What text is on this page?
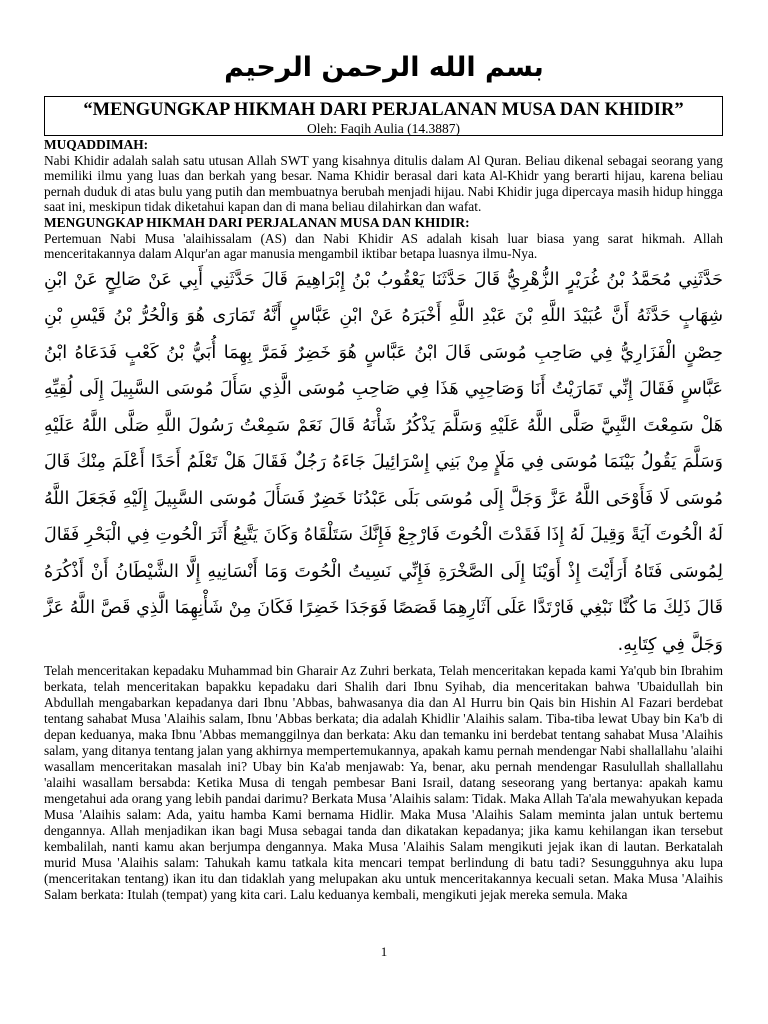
بسم الله الرحمن الرحيم
“MENGUNGKAP HIKMAH DARI PERJALANAN MUSA DAN KHIDIR”
Oleh: Faqih Aulia (14.3887)

MUQADDIMAH:

Nabi Khidir adalah salah satu utusan Allah SWT yang kisahnya ditulis dalam Al Quran. Beliau dikenal sebagai seorang yang memiliki ilmu yang luas dan berkah yang besar. Nama Khidir berasal dari kata Al-Khidr yang berarti hijau, karena beliau pernah duduk di atas bulu yang putih dan membuatnya berubah menjadi hijau. Nabi Khidir juga dipercaya masih hidup hingga saat ini, meskipun tidak diketahui kapan dan di mana beliau dilahirkan dan wafat.

MENGUNGKAP HIKMAH DARI PERJALANAN MUSA DAN KHIDIR:

Pertemuan Nabi Musa 'alaihissalam (AS) dan Nabi Khidir AS adalah kisah luar biasa yang sarat hikmah. Allah menceritakannya dalam Alqur'an agar manusia mengambil iktibar betapa luasnya ilmu-Nya.

حَدَّثَنِي مُحَمَّدُ بْنُ غُرَيْرٍ الزُّهْرِيُّ قَالَ حَدَّثَنَا يَعْقُوبُ بْنُ إِبْرَاهِيمَ قَالَ حَدَّثَنِي أَبِي عَنْ صَالِحٍ عَنْ ابْنِ شِهَابٍ حَدَّثَهُ أَنَّ عُبَيْدَ اللَّهِ بْنَ عَبْدِ اللَّهِ أَخْبَرَهُ عَنْ ابْنِ عَبَّاسٍ أَنَّهُ تَمَارَى هُوَ وَالْحُرُّ بْنُ قَيْسِ بْنِ حِصْنٍ الْفَزَارِيُّ فِي صَاحِبِ مُوسَى قَالَ ابْنُ عَبَّاسٍ هُوَ خَضِرٌ فَمَرَّ بِهِمَا أُبَيُّ بْنُ كَعْبٍ فَدَعَاهُ ابْنُ عَبَّاسٍ فَقَالَ إِنِّي تَمَارَيْتُ أَنَا وَصَاحِبِي هَذَا فِي صَاحِبِ مُوسَى الَّذِي سَأَلَ مُوسَى السَّبِيلَ إِلَى لُقِيِّهِ هَلْ سَمِعْتَ النَّبِيَّ صَلَّى اللَّهُ عَلَيْهِ وَسَلَّمَ يَذْكُرُ شَأْنَهُ قَالَ نَعَمْ سَمِعْتُ رَسُولَ اللَّهِ صَلَّى اللَّهُ عَلَيْهِ وَسَلَّمَ يَقُولُ بَيْنَمَا مُوسَى فِي مَلَإٍ مِنْ بَنِي إِسْرَائِيلَ جَاءَهُ رَجُلٌ فَقَالَ هَلْ تَعْلَمُ أَحَدًا أَعْلَمَ مِنْكَ قَالَ مُوسَى لَا فَأَوْحَى اللَّهُ عَزَّ وَجَلَّ إِلَى مُوسَى بَلَى عَبْدُنَا خَضِرٌ فَسَأَلَ مُوسَى السَّبِيلَ إِلَيْهِ فَجَعَلَ اللَّهُ لَهُ الْحُوتَ آيَةً وَقِيلَ لَهُ إِذَا فَقَدْتَ الْحُوتَ فَارْجِعْ فَإِنَّكَ سَتَلْقَاهُ وَكَانَ يَتَّبِعُ أَثَرَ الْحُوتِ فِي الْبَحْرِ فَقَالَ لِمُوسَى فَتَاهُ أَرَأَيْتَ إِذْ أَوَيْنَا إِلَى الصَّخْرَةِ فَإِنِّي نَسِيتُ الْحُوتَ وَمَا أَنْسَانِيهِ إِلَّا الشَّيْطَانُ أَنْ أَذْكُرَهُ قَالَ ذَلِكَ مَا كُنَّا نَبْغِي فَارْتَدَّا عَلَى آثَارِهِمَا قَصَصًا فَوَجَدَا خَضِرًا فَكَانَ مِنْ شَأْنِهِمَا الَّذِي قَصَّ اللَّهُ عَزَّ وَجَلَّ فِي كِتَابِهِ.

Telah menceritakan kepadaku Muhammad bin Gharair Az Zuhri berkata, Telah menceritakan kepada kami Ya'qub bin Ibrahim berkata, telah menceritakan bapakku kepadaku dari Shalih dari Ibnu Syihab, dia menceritakan bahwa 'Ubaidullah bin Abdullah mengabarkan kepadanya dari Ibnu 'Abbas, bahwasanya dia dan Al Hurru bin Qais bin Hishin Al Fazari berdebat tentang sahabat Musa 'Alaihis salam, Ibnu 'Abbas berkata; dia adalah Khidlir 'Alaihis salam. Tiba-tiba lewat Ubay bin Ka'b di depan keduanya, maka Ibnu 'Abbas memanggilnya dan berkata: Aku dan temanku ini berdebat tentang sahabat Musa 'Alaihis salam, yang ditanya tentang jalan yang akhirnya mempertemukannya, apakah kamu pernah mendengar Nabi shallallahu 'alaihi wasallam menceritakan masalah ini? Ubay bin Ka'ab menjawab: Ya, benar, aku pernah mendengar Rasulullah shallallahu 'alaihi wasallam bersabda: Ketika Musa di tengah pembesar Bani Israil, datang seseorang yang bertanya: apakah kamu mengetahui ada orang yang lebih pandai darimu? Berkata Musa 'Alaihis salam: Tidak. Maka Allah Ta'ala mewahyukan kepada Musa 'Alaihis salam: Ada, yaitu hamba Kami bernama Hidlir. Maka Musa 'Alaihis Salam meminta jalan untuk bertemu dengannya. Allah menjadikan ikan bagi Musa sebagai tanda dan dikatakan kepadanya; jika kamu kehilangan ikan tersebut kembalilah, nanti kamu akan berjumpa dengannya. Maka Musa 'Alaihis Salam mengikuti jejak ikan di lautan. Berkatalah murid Musa 'Alaihis salam: Tahukah kamu tatkala kita mencari tempat berlindung di batu tadi? Sesungguhnya aku lupa (menceritakan tentang) ikan itu dan tidaklah yang melupakan aku untuk menceritakannya kecuali setan. Maka Musa 'Alaihis Salam berkata: Itulah (tempat) yang kita cari. Lalu keduanya kembali, mengikuti jejak mereka semula. Maka

1
